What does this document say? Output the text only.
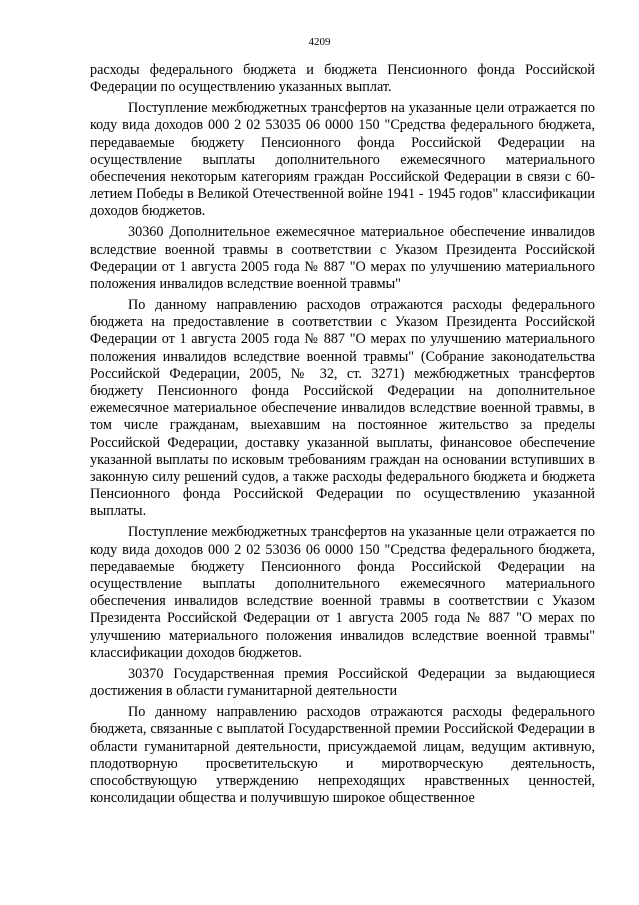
4209

расходы федерального бюджета и бюджета Пенсионного фонда Российской Федерации по осуществлению указанных выплат.

Поступление межбюджетных трансфертов на указанные цели отражается по коду вида доходов 000 2 02 53035 06 0000 150 "Средства федерального бюджета, передаваемые бюджету Пенсионного фонда Российской Федерации на осуществление выплаты дополнительного ежемесячного материального обеспечения некоторым категориям граждан Российской Федерации в связи с 60-летием Победы в Великой Отечественной войне 1941 - 1945 годов" классификации доходов бюджетов.

30360 Дополнительное ежемесячное материальное обеспечение инвалидов вследствие военной травмы в соответствии с Указом Президента Российской Федерации от 1 августа 2005 года № 887 "О мерах по улучшению материального положения инвалидов вследствие военной травмы"

По данному направлению расходов отражаются расходы федерального бюджета на предоставление в соответствии с Указом Президента Российской Федерации от 1 августа 2005 года № 887 "О мерах по улучшению материального положения инвалидов вследствие военной травмы" (Собрание законодательства Российской Федерации, 2005, № 32, ст. 3271) межбюджетных трансфертов бюджету Пенсионного фонда Российской Федерации на дополнительное ежемесячное материальное обеспечение инвалидов вследствие военной травмы, в том числе гражданам, выехавшим на постоянное жительство за пределы Российской Федерации, доставку указанной выплаты, финансовое обеспечение указанной выплаты по исковым требованиям граждан на основании вступивших в законную силу решений судов, а также расходы федерального бюджета и бюджета Пенсионного фонда Российской Федерации по осуществлению указанной выплаты.

Поступление межбюджетных трансфертов на указанные цели отражается по коду вида доходов 000 2 02 53036 06 0000 150 "Средства федерального бюджета, передаваемые бюджету Пенсионного фонда Российской Федерации на осуществление выплаты дополнительного ежемесячного материального обеспечения инвалидов вследствие военной травмы в соответствии с Указом Президента Российской Федерации от 1 августа 2005 года № 887 "О мерах по улучшению материального положения инвалидов вследствие военной травмы" классификации доходов бюджетов.

30370 Государственная премия Российской Федерации за выдающиеся достижения в области гуманитарной деятельности

По данному направлению расходов отражаются расходы федерального бюджета, связанные с выплатой Государственной премии Российской Федерации в области гуманитарной деятельности, присуждаемой лицам, ведущим активную, плодотворную просветительскую и миротворческую деятельность, способствующую утверждению непреходящих нравственных ценностей, консолидации общества и получившую широкое общественное
